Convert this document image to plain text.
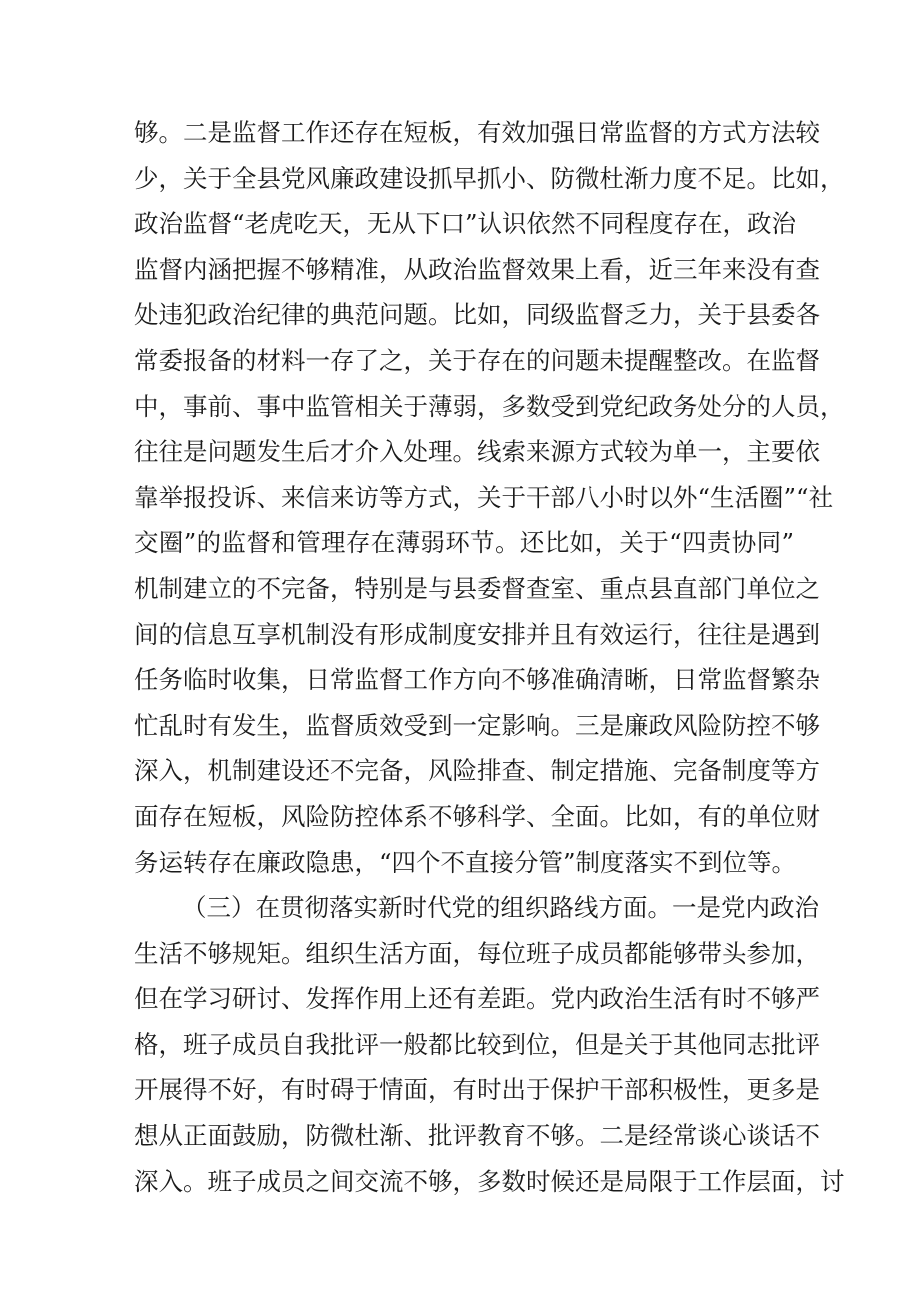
够。二是监督工作还存在短板，有效加强日常监督的方式方法较
少，关于全县党风廉政建设抓早抓小、防微杜渐力度不足。比如，
政治监督“老虎吃天，无从下口”认识依然不同程度存在，政治
监督内涵把握不够精准，从政治监督效果上看，近三年来没有查
处违犯政治纪律的典范问题。比如，同级监督乏力，关于县委各
常委报备的材料一存了之，关于存在的问题未提醒整改。在监督
中，事前、事中监管相关于薄弱，多数受到党纪政务处分的人员，
往往是问题发生后才介入处理。线索来源方式较为单一，主要依
靠举报投诉、来信来访等方式，关于干部八小时以外“生活圈”“社
交圈”的监督和管理存在薄弱环节。还比如，关于“四责协同”
机制建立的不完备，特别是与县委督查室、重点县直部门单位之
间的信息互享机制没有形成制度安排并且有效运行，往往是遇到
任务临时收集，日常监督工作方向不够准确清晰，日常监督繁杂
忙乱时有发生，监督质效受到一定影响。三是廉政风险防控不够
深入，机制建设还不完备，风险排查、制定措施、完备制度等方
面存在短板，风险防控体系不够科学、全面。比如，有的单位财
务运转存在廉政隐患，“四个不直接分管”制度落实不到位等。
（三）在贯彻落实新时代党的组织路线方面。一是党内政治
生活不够规矩。组织生活方面，每位班子成员都能够带头参加，
但在学习研讨、发挥作用上还有差距。党内政治生活有时不够严
格，班子成员自我批评一般都比较到位，但是关于其他同志批评
开展得不好，有时碍于情面，有时出于保护干部积极性，更多是
想从正面鼓励，防微杜渐、批评教育不够。二是经常谈心谈话不
深入。班子成员之间交流不够，多数时候还是局限于工作层面，讨
